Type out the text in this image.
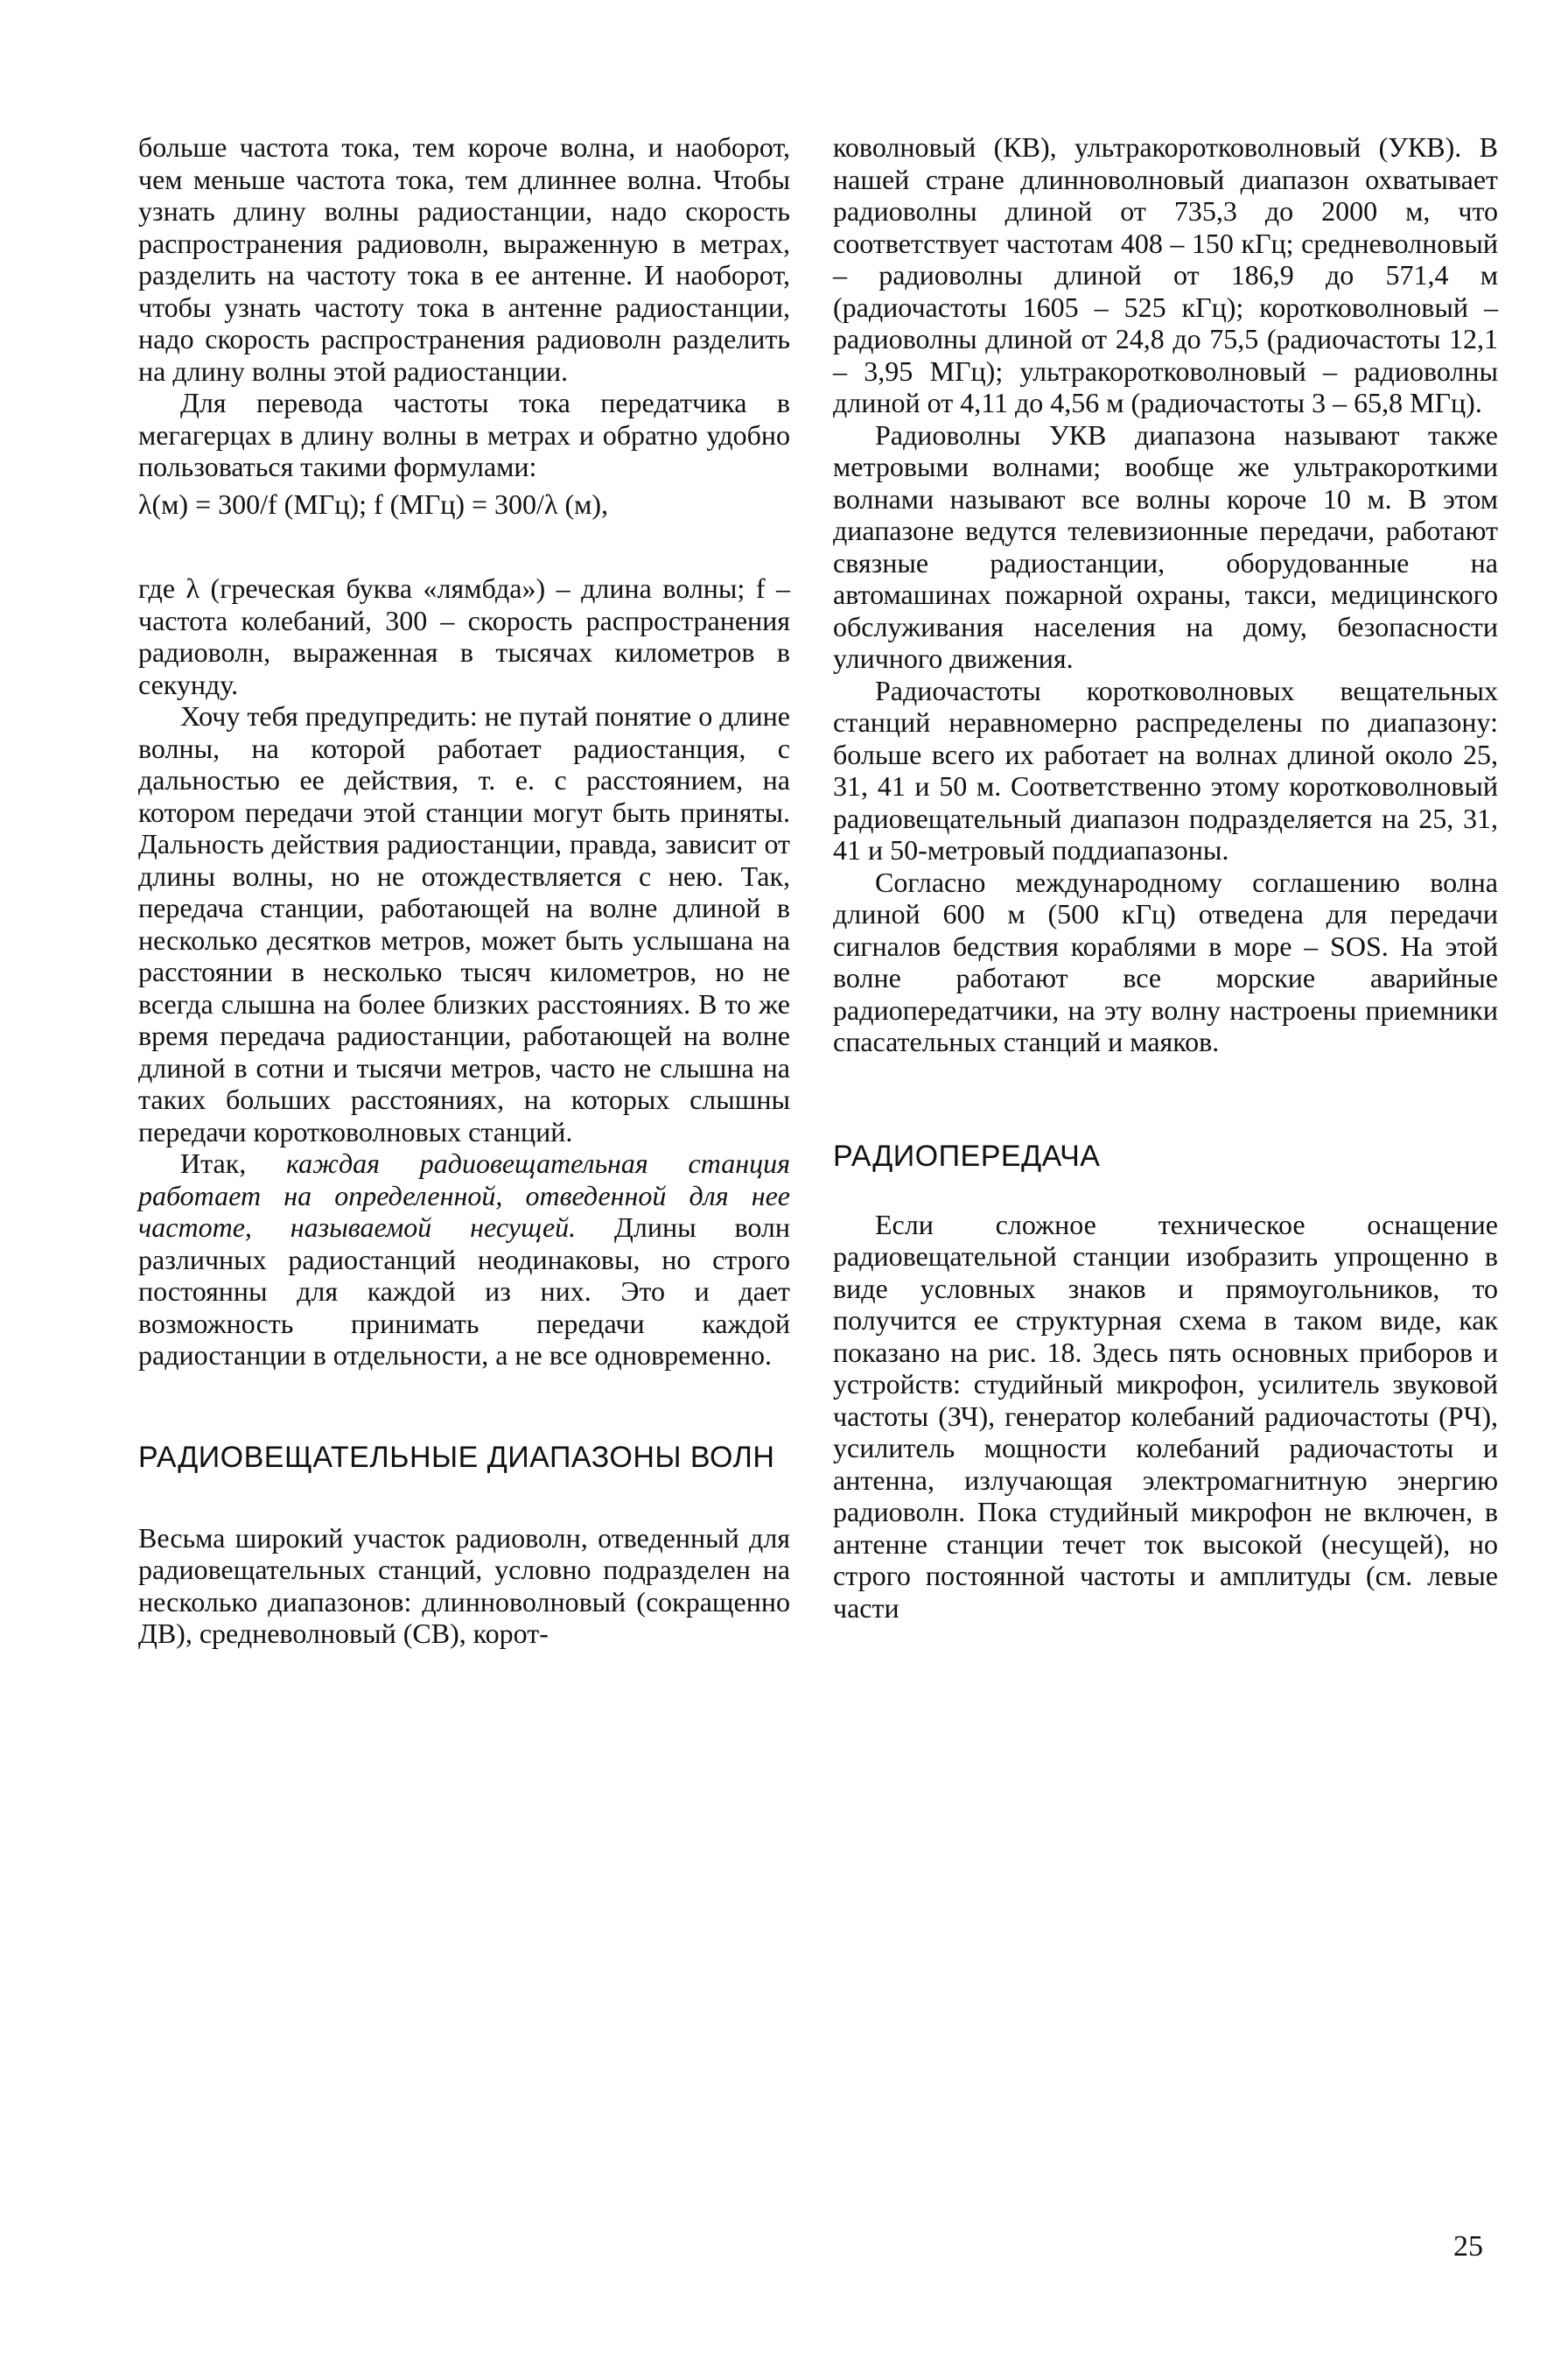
больше частота тока, тем короче волна, и наоборот, чем меньше частота тока, тем длиннее волна. Чтобы узнать длину волны радиостанции, надо скорость распространения радиоволн, выраженную в метрах, разделить на частоту тока в ее антенне. И наоборот, чтобы узнать частоту тока в антенне радиостанции, надо скорость распространения радиоволн разделить на длину волны этой радиостанции.

Для перевода частоты тока передатчика в мегагерцах в длину волны в метрах и обратно удобно пользоваться такими формулами:

λ(м) = 300/f (МГц); f (МГц) = 300/λ (м),

где λ (греческая буква «лямбда») – длина волны; f – частота колебаний, 300 – скорость распространения радиоволн, выраженная в тысячах километров в секунду.

Хочу тебя предупредить: не путай понятие о длине волны, на которой работает радиостанция, с дальностью ее действия, т. е. с расстоянием, на котором передачи этой станции могут быть приняты. Дальность действия радиостанции, правда, зависит от длины волны, но не отождествляется с нею. Так, передача станции, работающей на волне длиной в несколько десятков метров, может быть услышана на расстоянии в несколько тысяч километров, но не всегда слышна на более близких расстояниях. В то же время передача радиостанции, работающей на волне длиной в сотни и тысячи метров, часто не слышна на таких больших расстояниях, на которых слышны передачи коротковолновых станций.

Итак, каждая радиовещательная станция работает на определенной, отведенной для нее частоте, называемой несущей. Длины волн различных радиостанций неодинаковы, но строго постоянны для каждой из них. Это и дает возможность принимать передачи каждой радиостанции в отдельности, а не все одновременно.

РАДИОВЕЩАТЕЛЬНЫЕ ДИАПАЗОНЫ ВОЛН

Весьма широкий участок радиоволн, отведенный для радиовещательных станций, условно подразделен на несколько диапазонов: длинноволновый (сокращенно ДВ), средневолновый (СВ), корот-

коволновый (КВ), ультракоротковолновый (УКВ). В нашей стране длинноволновый диапазон охватывает радиоволны длиной от 735,3 до 2000 м, что соответствует частотам 408 – 150 кГц; средневолновый – радиоволны длиной от 186,9 до 571,4 м (радиочастоты 1605 – 525 кГц); коротковолновый – радиоволны длиной от 24,8 до 75,5 (радиочастоты 12,1 – 3,95 МГц); ультракоротковолновый – радиоволны длиной от 4,11 до 4,56 м (радиочастоты 3 – 65,8 МГц).

Радиоволны УКВ диапазона называют также метровыми волнами; вообще же ультракороткими волнами называют все волны короче 10 м. В этом диапазоне ведутся телевизионные передачи, работают связные радиостанции, оборудованные на автомашинах пожарной охраны, такси, медицинского обслуживания населения на дому, безопасности уличного движения.

Радиочастоты коротковолновых вещательных станций неравномерно распределены по диапазону: больше всего их работает на волнах длиной около 25, 31, 41 и 50 м. Соответственно этому коротковолновый радиовещательный диапазон подразделяется на 25, 31, 41 и 50-метровый поддиапазоны.

Согласно международному соглашению волна длиной 600 м (500 кГц) отведена для передачи сигналов бедствия кораблями в море – SOS. На этой волне работают все морские аварийные радиопередатчики, на эту волну настроены приемники спасательных станций и маяков.

РАДИОПЕРЕДАЧА

Если сложное техническое оснащение радиовещательной станции изобразить упрощенно в виде условных знаков и прямоугольников, то получится ее структурная схема в таком виде, как показано на рис. 18. Здесь пять основных приборов и устройств: студийный микрофон, усилитель звуковой частоты (ЗЧ), генератор колебаний радиочастоты (РЧ), усилитель мощности колебаний радиочастоты и антенна, излучающая электромагнитную энергию радиоволн. Пока студийный микрофон не включен, в антенне станции течет ток высокой (несущей), но строго постоянной частоты и амплитуды (см. левые части

25
